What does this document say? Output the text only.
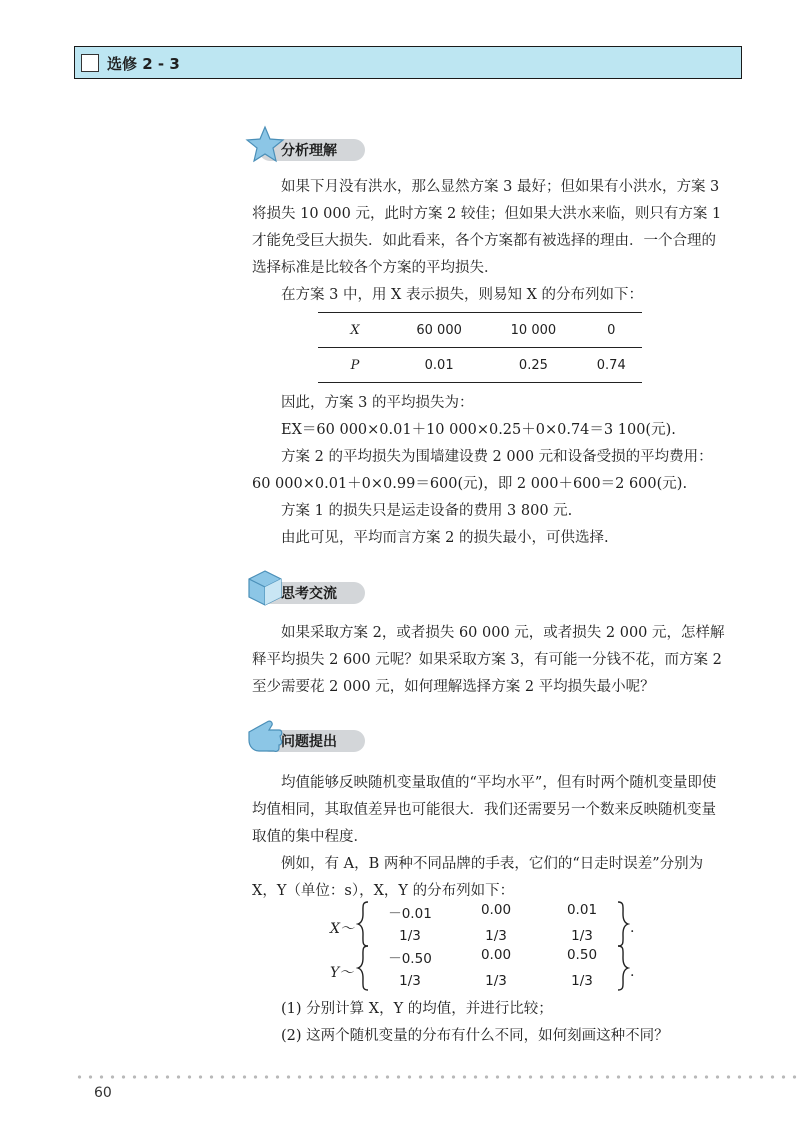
选修 2 - 3
分析理解

如果下月没有洪水，那么显然方案 3 最好；但如果有小洪水，方案 3 将损失 10 000 元，此时方案 2 较佳；但如果大洪水来临，则只有方案 1 才能免受巨大损失．如此看来，各个方案都有被选择的理由．一个合理的选择标准是比较各个方案的平均损失．

在方案 3 中，用 X 表示损失，则易知 X 的分布列如下：

X	60 000	10 000	0
P	0.01	0.25	0.74

因此，方案 3 的平均损失为：

EX＝60 000×0.01＋10 000×0.25＋0×0.74＝3 100(元).

方案 2 的平均损失为围墙建设费 2 000 元和设备受损的平均费用：60 000×0.01＋0×0.99＝600(元)，即 2 000＋600＝2 600(元).

方案 1 的损失只是运走设备的费用 3 800 元.

由此可见，平均而言方案 2 的损失最小，可供选择.

思考交流

如果采取方案 2，或者损失 60 000 元，或者损失 2 000 元，怎样解释平均损失 2 600 元呢？如果采取方案 3，有可能一分钱不花，而方案 2 至少需要花 2 000 元，如何理解选择方案 2 平均损失最小呢？

问题提出

均值能够反映随机变量取值的“平均水平”，但有时两个随机变量即使均值相同，其取值差异也可能很大．我们还需要另一个数来反映随机变量取值的集中程度．

例如，有 A，B 两种不同品牌的手表，它们的“日走时误差”分别为 X，Y（单位：s），X，Y 的分布列如下：

X～
－0.01	0.00	0.01
1/3	1/3	1/3	.
Y～
－0.50	0.00	0.50
1/3	1/3	1/3
.

(1) 分别计算 X，Y 的均值，并进行比较；

(2) 这两个随机变量的分布有什么不同，如何刻画这种不同？

60
